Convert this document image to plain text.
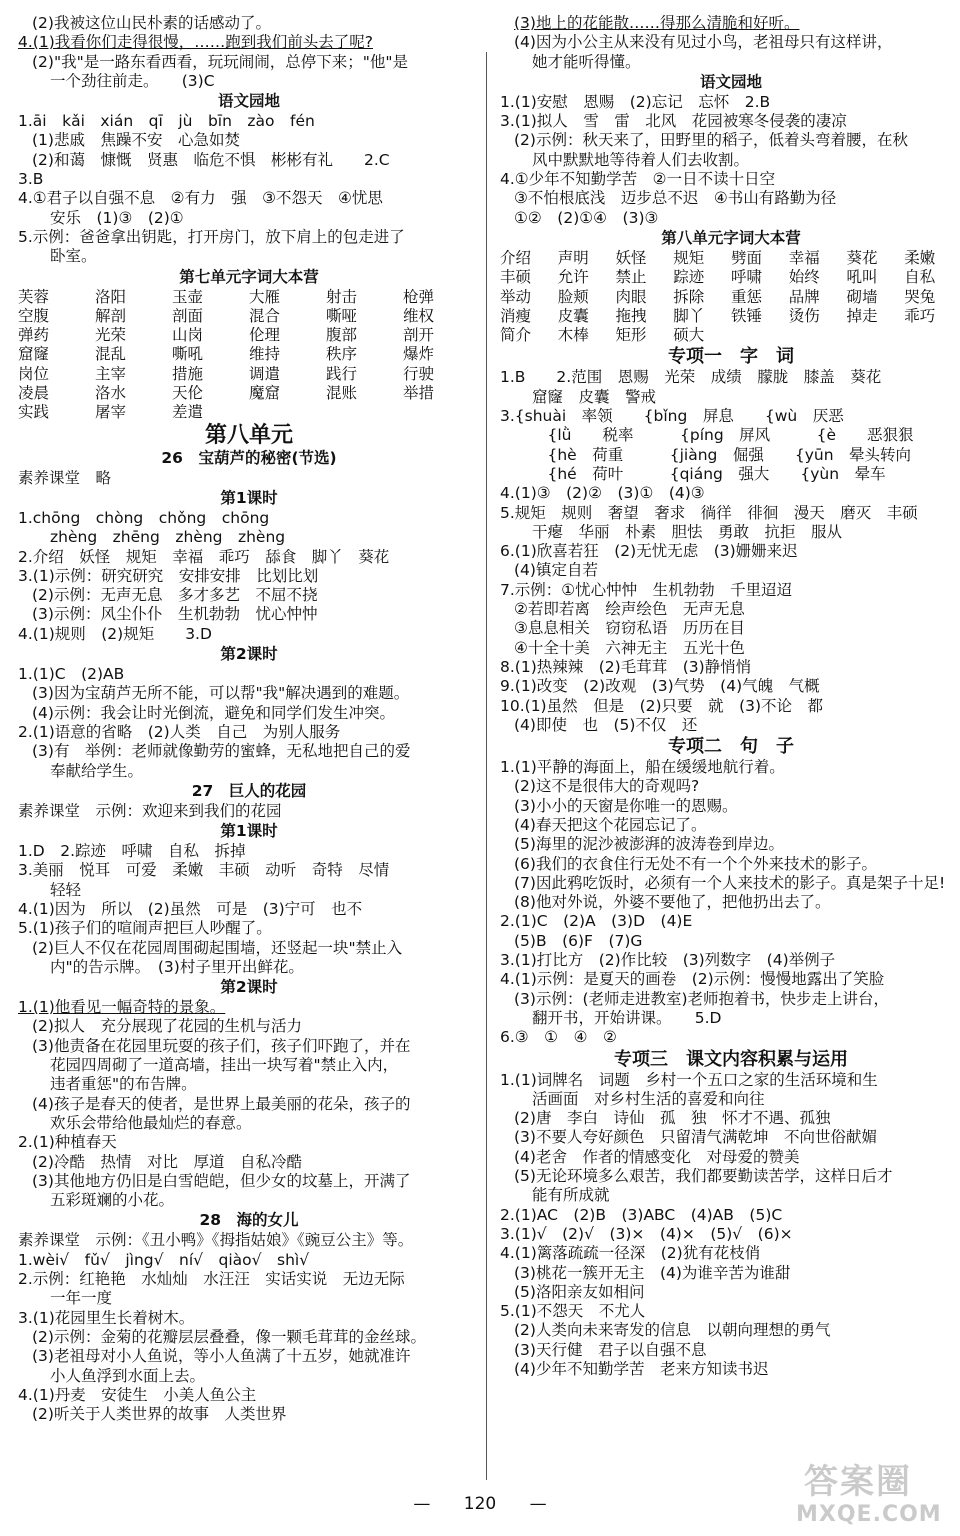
(2)我被这位山民朴素的话感动了。
4.(1)我看你们走得很慢，……跑到我们前头去了呢?
(2)"我"是一路东看西看，玩玩闹闹，总停下来；"他"是
一个劲往前走。　　(3)C
语文园地
1.āi　kǎi　xián　qī　jù　bīn　zào　fén
(1)悲戚　焦躁不安　心急如焚
(2)和蔼　慷慨　贤惠　临危不惧　彬彬有礼　　2.C
3.B
4.①君子以自强不息　②有力　强　③不怨天　④忧思
安乐　(1)③　(2)①
5.示例：爸爸拿出钥匙，打开房门，放下肩上的包走进了
卧室。
第七单元字词大本营
芙蓉	洛阳	玉壶	大雁	射击	枪弹
空腹	解剖	剖面	混合	嘶哑	维权
弹药	光荣	山岗	伦理	腹部	剖开
窟窿	混乱	嘶吼	维持	秩序	爆炸
岗位	主宰	措施	调遣	践行	行驶
凌晨	洛水	天伦	魔窟	混账	举措
实践	屠宰	差遣
第八单元
26　宝葫芦的秘密(节选)
素养课堂　略
第1课时
1.chōng　chòng　chǒng　chōng
zhèng　zhēng　zhèng　zhèng
2.介绍　妖怪　规矩　幸福　乖巧　舔食　脚丫　葵花
3.(1)示例：研究研究　安排安排　比划比划
(2)示例：无声无息　多才多艺　不屈不挠
(3)示例：风尘仆仆　生机勃勃　忧心忡忡
4.(1)规则　(2)规矩　　3.D
第2课时
1.(1)C　(2)AB
(3)因为宝葫芦无所不能，可以帮"我"解决遇到的难题。
(4)示例：我会让时光倒流，避免和同学们发生冲突。
2.(1)语意的省略　(2)人类　自己　为别人服务
(3)有　举例：老师就像勤劳的蜜蜂，无私地把自己的爱
奉献给学生。
27　巨人的花园
素养课堂　示例：欢迎来到我们的花园
第1课时
1.D　2.踪迹　呼啸　自私　拆掉
3.美丽　悦耳　可爱　柔嫩　丰硕　动听　奇特　尽情
轻轻
4.(1)因为　所以　(2)虽然　可是　(3)宁可　也不
5.(1)孩子们的喧闹声把巨人吵醒了。
(2)巨人不仅在花园周围砌起围墙，还竖起一块"禁止入
内"的告示牌。　(3)村子里开出鲜花。
第2课时
1.(1)他看见一幅奇特的景象。
(2)拟人　充分展现了花园的生机与活力
(3)他责备在花园里玩耍的孩子们，孩子们吓跑了，并在
花园四周砌了一道高墙，挂出一块写着"禁止入内，
违者重惩"的布告牌。
(4)孩子是春天的使者，是世界上最美丽的花朵，孩子的
欢乐会带给他最灿烂的春意。
2.(1)种植春天
(2)冷酷　热情　对比　厚道　自私冷酷
(3)其他地方仍旧是白雪皑皑，但少女的坟墓上，开满了
五彩斑斓的小花。
28　海的女儿
素养课堂　示例：《丑小鸭》《拇指姑娘》《豌豆公主》等。
1.wèi√　fǔ√　jìng√　ní√　qiào√　shì√
2.示例：红艳艳　水灿灿　水汪汪　实话实说　无边无际
一年一度
3.(1)花园里生长着树木。
(2)示例：金菊的花瓣层层叠叠，像一颗毛茸茸的金丝球。
(3)老祖母对小人鱼说，等小人鱼满了十五岁，她就准许
小人鱼浮到水面上去。
4.(1)丹麦　安徒生　小美人鱼公主
(2)听关于人类世界的故事　人类世界
(3)地上的花能散……得那么清脆和好听。
(4)因为小公主从来没有见过小鸟，老祖母只有这样讲，
她才能听得懂。
语文园地
1.(1)安慰　恩赐　(2)忘记　忘怀　2.B
3.(1)拟人　雪　雷　北风　花园被寒冬侵袭的凄凉
(2)示例：秋天来了，田野里的稻子，低着头弯着腰，在秋
风中默默地等待着人们去收割。
4.①少年不知勤学苦　②一日不读十日空
③不怕根底浅　迈步总不迟　④书山有路勤为径
①②　(2)①④　(3)③
第八单元字词大本营
介绍	声明	妖怪	规矩	劈面	幸福	葵花	柔嫩
丰硕	允许	禁止	踪迹	呼啸	始终	吼叫	自私
举动	脸颊	肉眼	拆除	重惩	品牌	砌墙	哭兔
消瘦	皮囊	拖拽	脚丫	铁锤	烫伤	掉走	乖巧
简介	木棒	矩形	硕大
专项一　字　词
1.B　　2.范围　恩赐　光荣　成绩　朦胧　膝盖　葵花
窟窿　皮囊　警戒
3.{shuài　率领　　{bǐng　屏息　　{wù　厌恶
　{lǜ　　税率　　　{píng　屏风　　　{è　　恶狠狠
　{hè　荷重　　　{jiàng　倔强　　{yūn　晕头转向
　{hé　荷叶　　　{qiáng　强大　　{yùn　晕车
4.(1)③　(2)②　(3)①　(4)③
5.规矩　规则　奢望　奢求　徜徉　徘徊　漫天　磨灭　丰硕
干瘪　华丽　朴素　胆怯　勇敢　抗拒　服从
6.(1)欣喜若狂　(2)无忧无虑　(3)姗姗来迟
(4)镇定自若
7.示例：①忧心忡忡　生机勃勃　千里迢迢
②若即若离　绘声绘色　无声无息
③息息相关　窃窃私语　历历在目
④十全十美　六神无主　五光十色
8.(1)热辣辣　(2)毛茸茸　(3)静悄悄
9.(1)改变　(2)改观　(3)气势　(4)气魄　气概
10.(1)虽然　但是　(2)只要　就　(3)不论　都
(4)即使　也　(5)不仅　还
专项二　句　子
1.(1)平静的海面上，船在缓缓地航行着。
(2)这不是很伟大的奇观吗?
(3)小小的天窗是你唯一的恩赐。
(4)春天把这个花园忘记了。
(5)海里的泥沙被澎湃的波涛卷到岸边。
(6)我们的衣食住行无处不有一个个外来技术的影子。
(7)因此鸦吃饭时，必须有一个人来技术的影子。真是架子十足!
(8)他对外说，外婆不要他了，把他扔出去了。
2.(1)C　(2)A　(3)D　(4)E
(5)B　(6)F　(7)G
3.(1)打比方　(2)作比较　(3)列数字　(4)举例子
4.(1)示例：是夏天的画卷　(2)示例：慢慢地露出了笑脸
(3)示例：(老师走进教室)老师抱着书，快步走上讲台，
翻开书，开始讲课。　　5.D
6.③　①　④　②
专项三　课文内容积累与运用
1.(1)词牌名　词题　乡村一个五口之家的生活环境和生
活画面　对乡村生活的喜爱和向往
(2)唐　李白　诗仙　孤　独　怀才不遇、孤独
(3)不要人夸好颜色　只留清气满乾坤　不向世俗献媚
(4)老舍　作者的情感变化　对母爱的赞美
(5)无论环境多么艰苦，我们都要勤读苦学，这样日后才
能有所成就
2.(1)AC　(2)B　(3)ABC　(4)AB　(5)C
3.(1)√　(2)√　(3)×　(4)×　(5)√　(6)×
4.(1)篱落疏疏一径深　(2)犹有花枝俏
(3)桃花一簇开无主　(4)为谁辛苦为谁甜
(5)洛阳亲友如相问
5.(1)不怨天　不尤人
(2)人类向未来寄发的信息　以朝向理想的勇气
(3)天行健　君子以自强不息
(4)少年不知勤学苦　老来方知读书迟
— 120 —
答案圈
MXQE.COM
